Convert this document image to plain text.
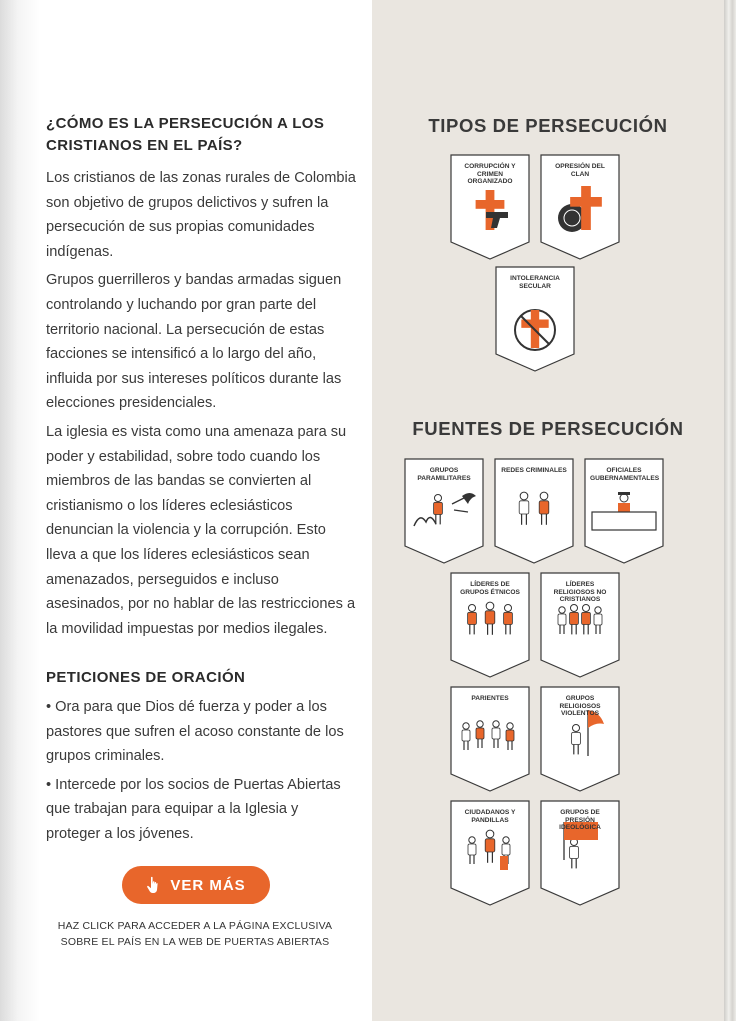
¿CÓMO ES LA PERSECUCIÓN A LOS
CRISTIANOS EN EL PAÍS?

Los cristianos de las zonas rurales de Colombia son objetivo de grupos delictivos y sufren la persecución de sus propias comunidades indígenas.

Grupos guerrilleros y bandas armadas siguen controlando y luchando por gran parte del territorio nacional. La persecución de estas facciones se intensificó a lo largo del año, influida por sus intereses políticos durante las elecciones presidenciales.

La iglesia es vista como una amenaza para su poder y estabilidad, sobre todo cuando los miembros de las bandas se convierten al cristianismo o los líderes eclesiásticos denuncian la violencia y la corrupción. Esto lleva a que los líderes eclesiásticos sean amenazados, perseguidos e incluso asesinados, por no hablar de las restricciones a la movilidad impuestas por medios ilegales.

PETICIONES DE ORACIÓN

• Ora para que Dios dé fuerza y poder a los pastores que sufren el acoso constante de los grupos criminales.

• Intercede por los socios de Puertas Abiertas que trabajan para equipar a la Iglesia y proteger a los jóvenes.

VER MÁS
HAZ CLICK PARA ACCEDER A LA PÁGINA EXCLUSIVA
SOBRE EL PAÍS EN LA WEB DE PUERTAS ABIERTAS
TIPOS DE PERSECUCIÓN
CORRUPCIÓN Y CRIMEN ORGANIZADO
OPRESIÓN DEL CLAN
INTOLERANCIA SECULAR
FUENTES DE PERSECUCIÓN
GRUPOS PARAMILITARES
REDES CRIMINALES	OFICIALES GUBERNAMENTALES
LÍDERES DE GRUPOS ÉTNICOS
LÍDERES RELIGIOSOS NO CRISTIANOS
PARIENTES	GRUPOS RELIGIOSOS VIOLENTOS
CIUDADANOS Y PANDILLAS
GRUPOS DE PRESIÓN IDEOLÓGICA
